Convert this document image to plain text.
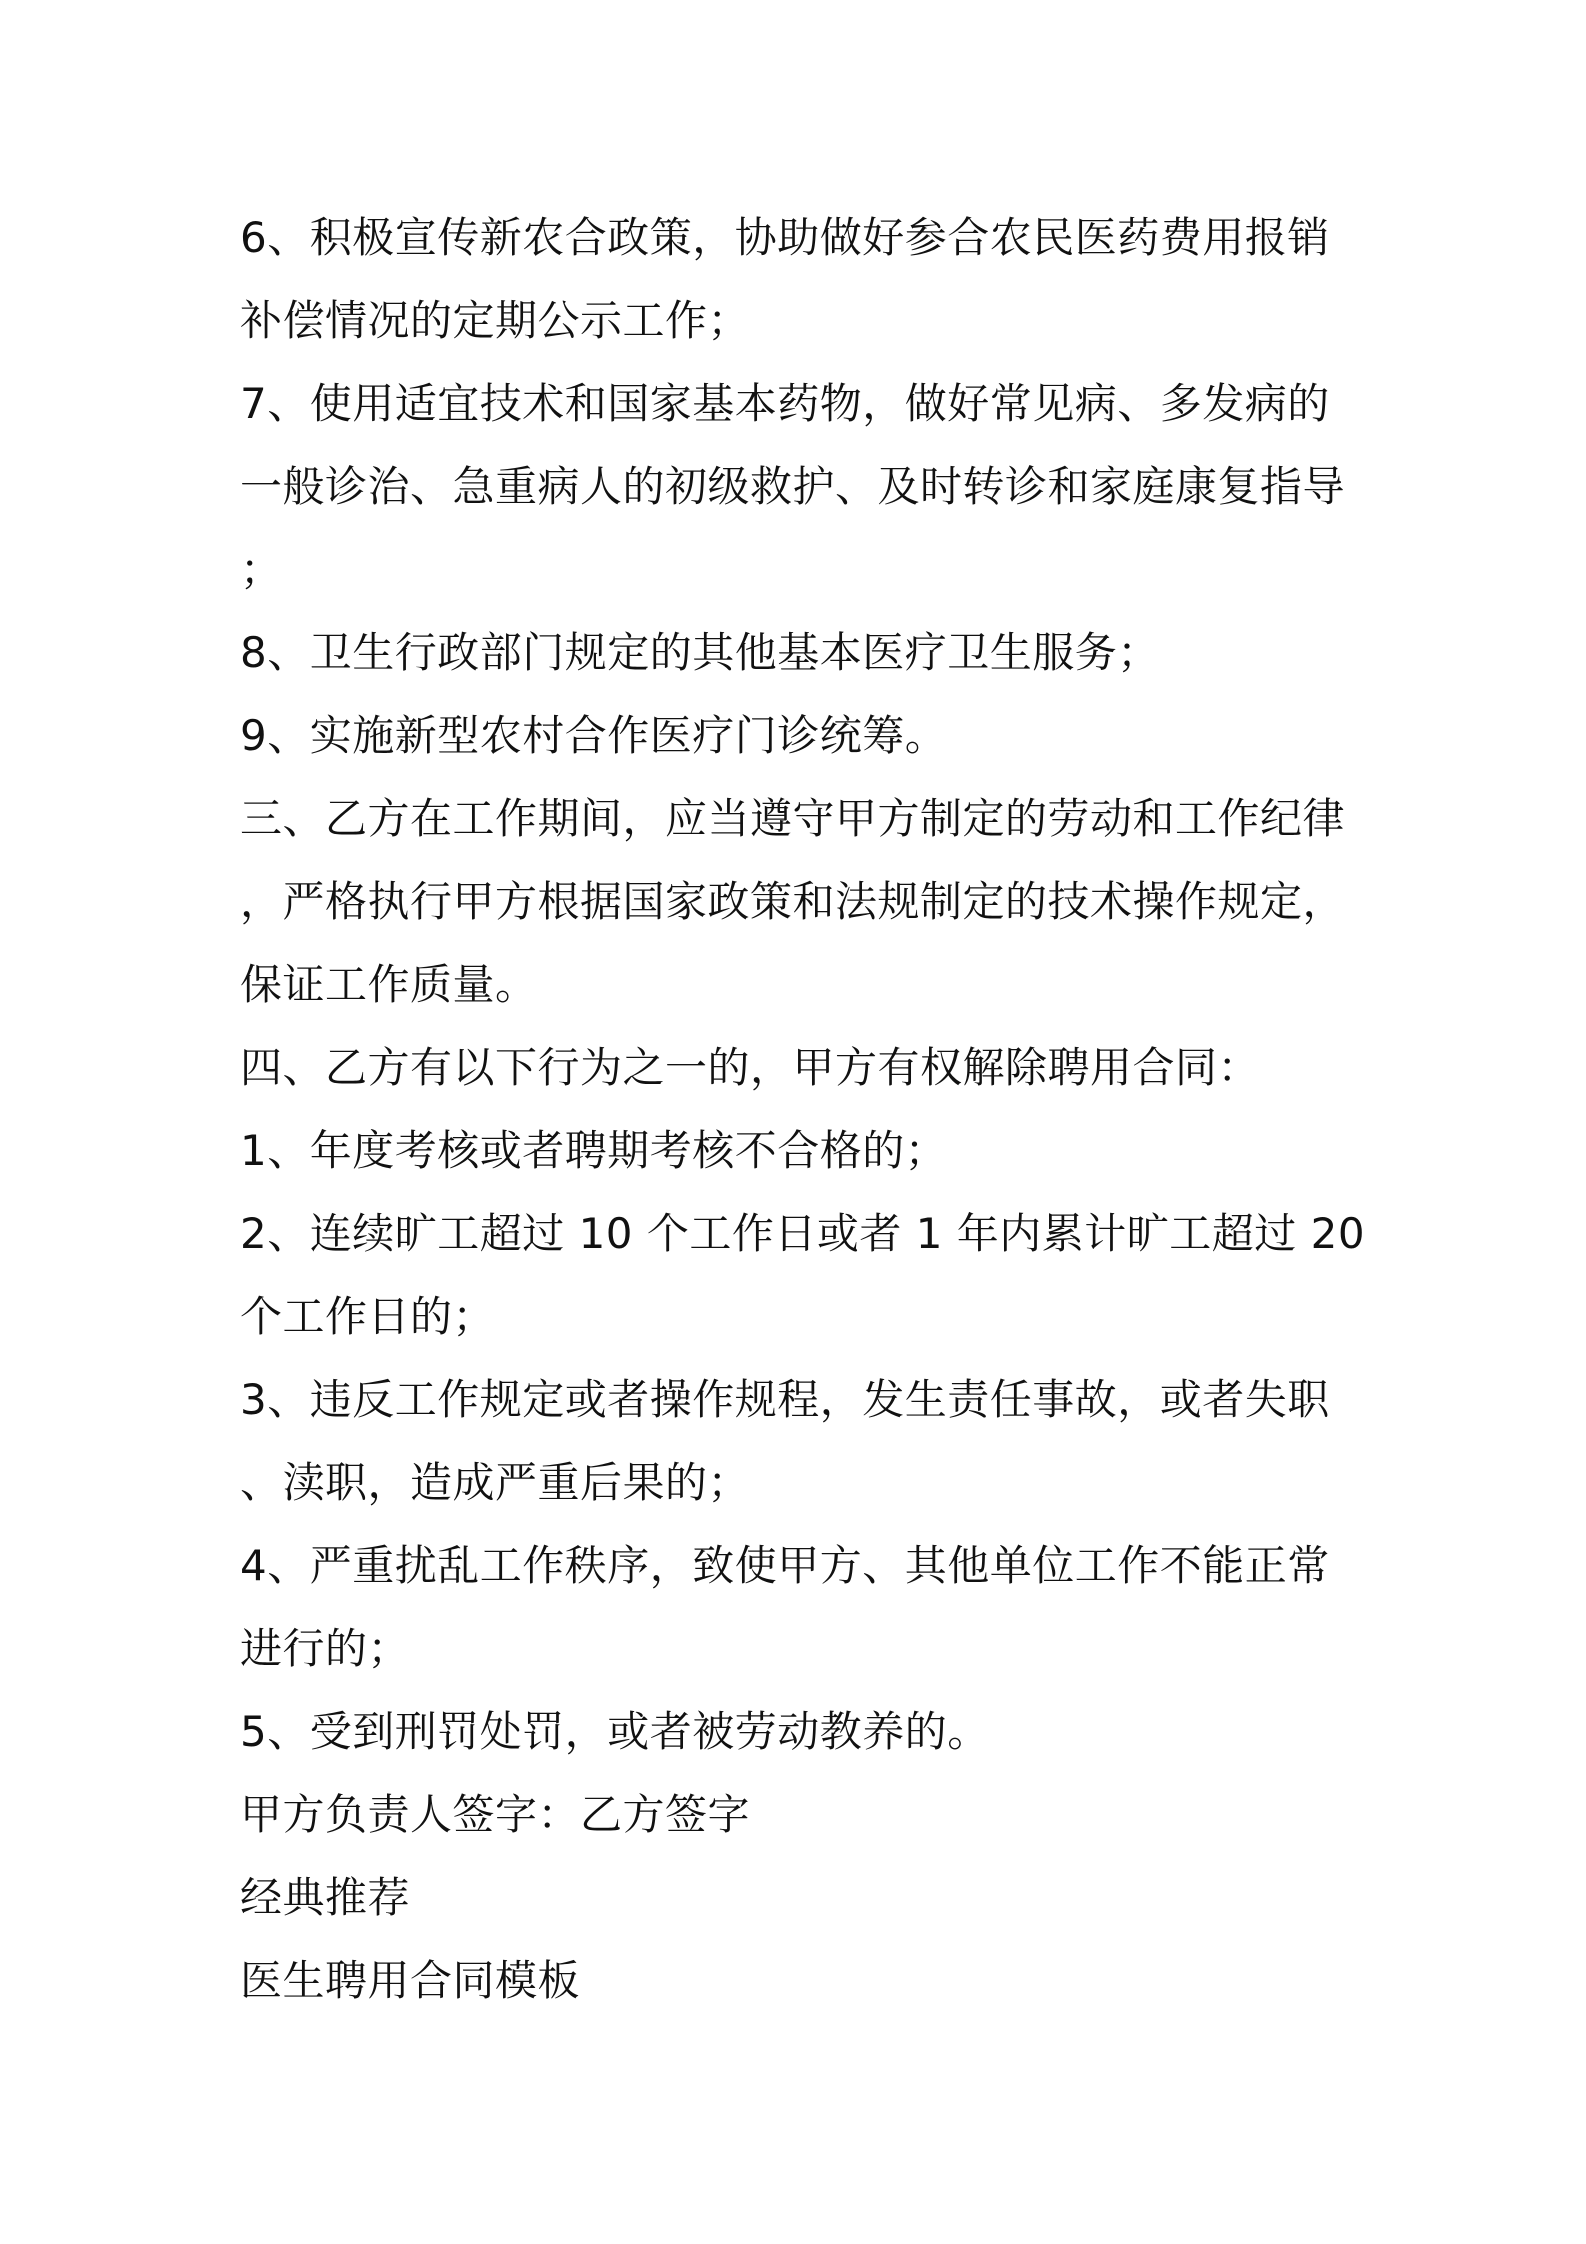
6、积极宣传新农合政策，协助做好参合农民医药费用报销
补偿情况的定期公示工作；
7、使用适宜技术和国家基本药物，做好常见病、多发病的
一般诊治、急重病人的初级救护、及时转诊和家庭康复指导
；
8、卫生行政部门规定的其他基本医疗卫生服务；
9、实施新型农村合作医疗门诊统筹。
三、乙方在工作期间，应当遵守甲方制定的劳动和工作纪律
，严格执行甲方根据国家政策和法规制定的技术操作规定，
保证工作质量。
四、乙方有以下行为之一的，甲方有权解除聘用合同：
1、年度考核或者聘期考核不合格的；
2、连续旷工超过 10 个工作日或者 1 年内累计旷工超过 20
个工作日的；
3、违反工作规定或者操作规程，发生责任事故，或者失职
、渎职，造成严重后果的；
4、严重扰乱工作秩序，致使甲方、其他单位工作不能正常
进行的；
5、受到刑罚处罚，或者被劳动教养的。
甲方负责人签字：乙方签字
经典推荐
医生聘用合同模板
